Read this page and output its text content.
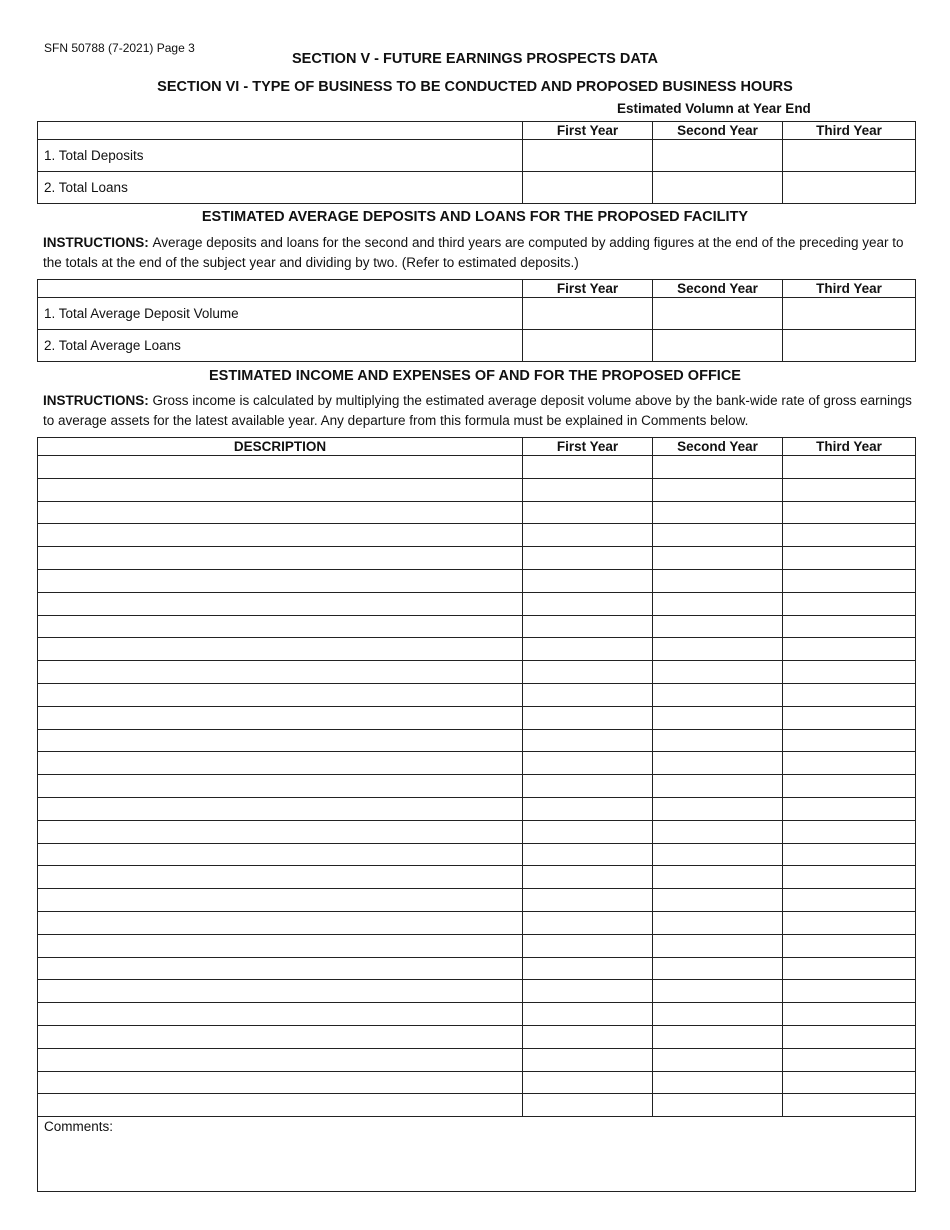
SFN 50788 (7-2021) Page 3
SECTION V - FUTURE EARNINGS PROSPECTS DATA
SECTION VI - TYPE OF BUSINESS TO BE CONDUCTED AND PROPOSED BUSINESS HOURS
Estimated Volumn at Year End
	First Year	Second Year	Third Year
1. Total Deposits			
2. Total Loans			
ESTIMATED AVERAGE DEPOSITS AND LOANS FOR THE PROPOSED FACILITY
INSTRUCTIONS: Average deposits and loans for the second and third years are computed by adding figures at the end of the preceding year to the totals at the end of the subject year and dividing by two. (Refer to estimated deposits.)
	First Year	Second Year	Third Year
1. Total Average Deposit Volume			
2. Total Average Loans			
ESTIMATED INCOME AND EXPENSES OF AND FOR THE PROPOSED OFFICE
INSTRUCTIONS: Gross income is calculated by multiplying the estimated average deposit volume above by the bank-wide rate of gross earnings to average assets for the latest available year. Any departure from this formula must be explained in Comments below.
DESCRIPTION	First Year	Second Year	Third Year

Comments:			
